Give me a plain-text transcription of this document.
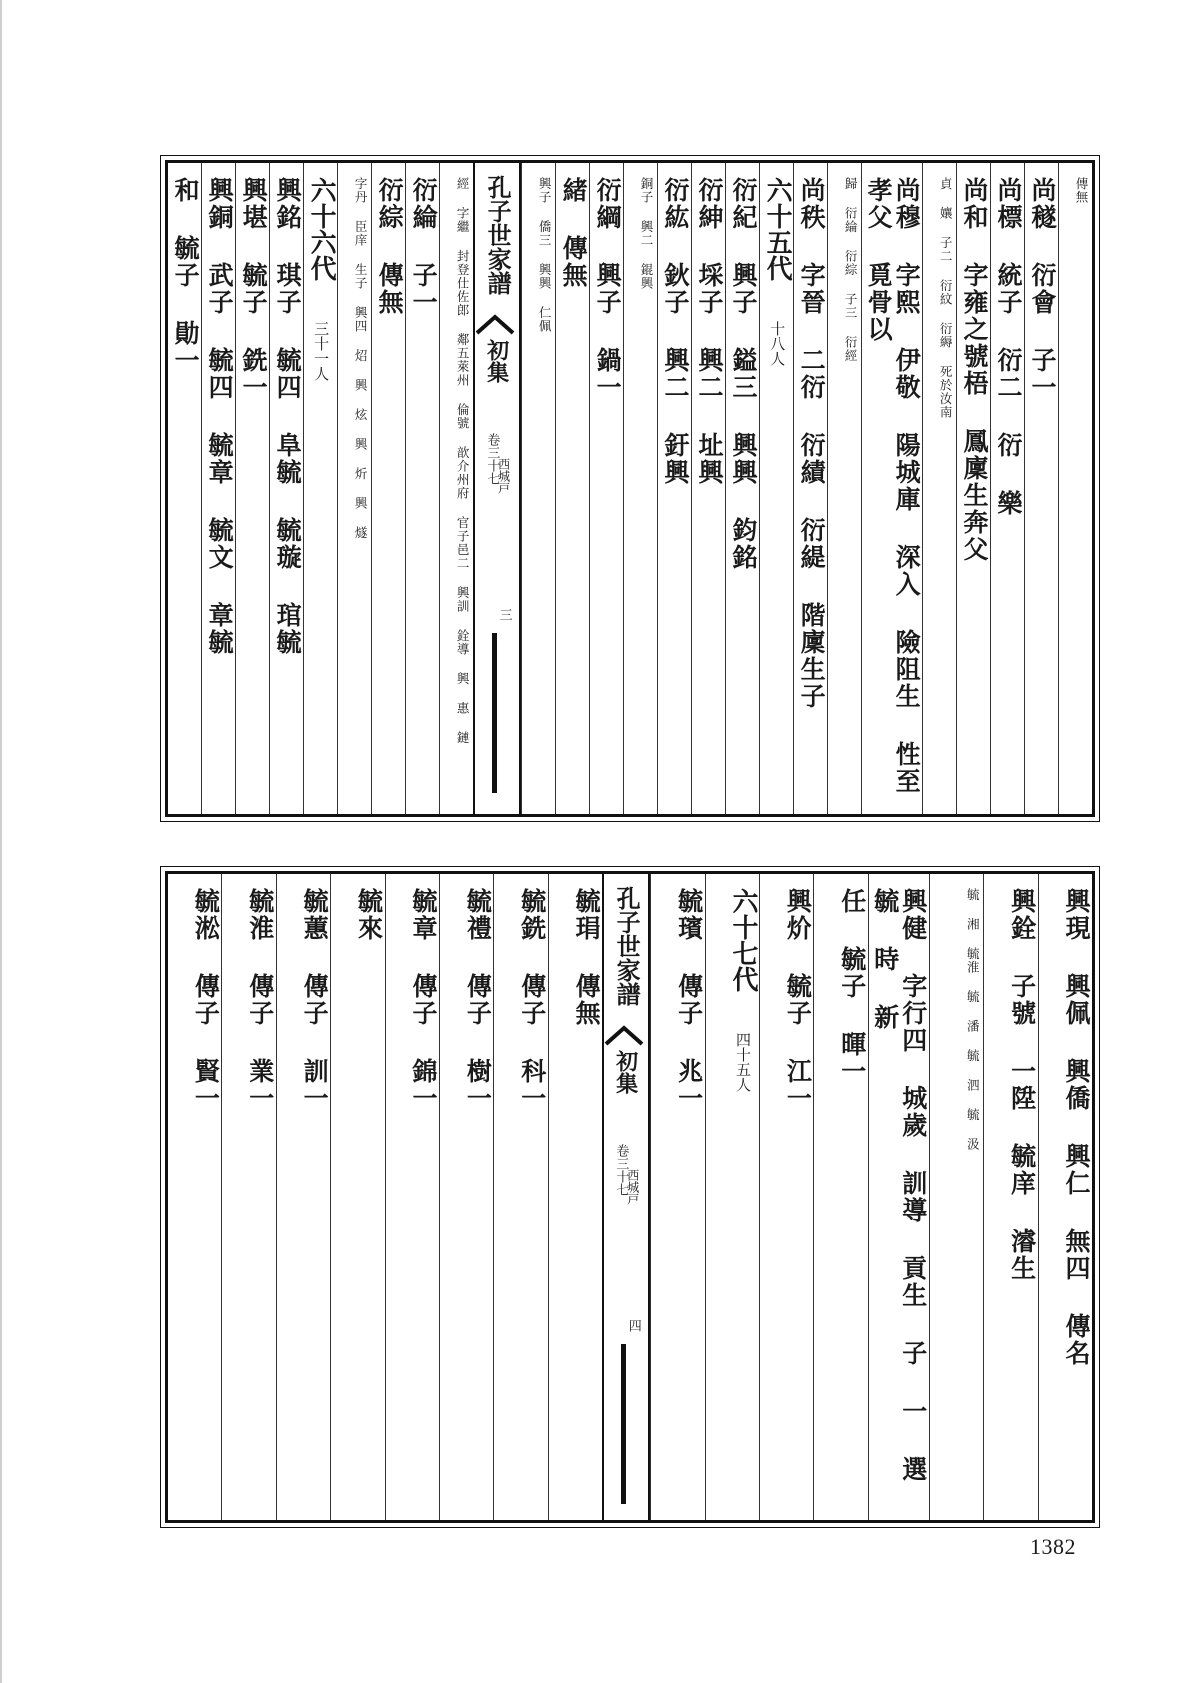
傳無
尚穟 衍會 子一
尚標 統子 衍二 衍 樂
尚和 字雍之號梧 鳳廩生奔父
貞 孃 子二 衍紋 衍縟 死於汝南
尚穆 字熙 伊敬 陽城庫 深入 險阻生 性至孝父 覓骨以
歸 衍綸 衍綜 子三 衍經
尚秩 字晉 二衍 衍績 衍緹 階廩生子
六十五代 十八人
衍紀 興子 鎰三 興興 鈞銘
衍紳 埰子 興二 址興
衍紘 鈥子 興二 釪興
銅子 興二 錕興
衍綱 興子 鍋一
緒 傳無
興子 僑三 興興 仁佩
孔子世家譜
初集
卷三十七
西城戸
三
經 字繼 封登仕佐郎 鄰五萊州 倫號 歆介州府 官子邑二 興訓 銓導 興 惠 鏈
衍綸 子一
衍綜 傳無
字丹 臣庠 生子 興四 炤 興 炫 興 炘 興 燧
六十六代 三十一人
興銘 琪子 毓四 阜毓 毓璇 琯毓
興堪 毓子 銑一
興銅 武子 毓四 毓章 毓文 章毓
和 毓子 勛一
興現 興佩 興僑 興仁 無四 傳名
興銓 子號 一陞 毓庠 濬生
毓 湘 毓淮 毓 潘 毓 泗 毓 汲
興健 字行四 城歲 訓導 貢生 子 一 選 毓 時 新
任 毓子 暉一
興炌 毓子 江一
六十七代 四十五人
毓璸 傳子 兆一
孔子世家譜
初集
卷三十七
西城戸
四
毓琄 傳無
毓銑 傳子 科一
毓禮 傳子 樹一
毓章 傳子 錦一
毓來
毓蕙 傳子 訓一
毓淮 傳子 業一
毓淞 傳子 賢一
1382
